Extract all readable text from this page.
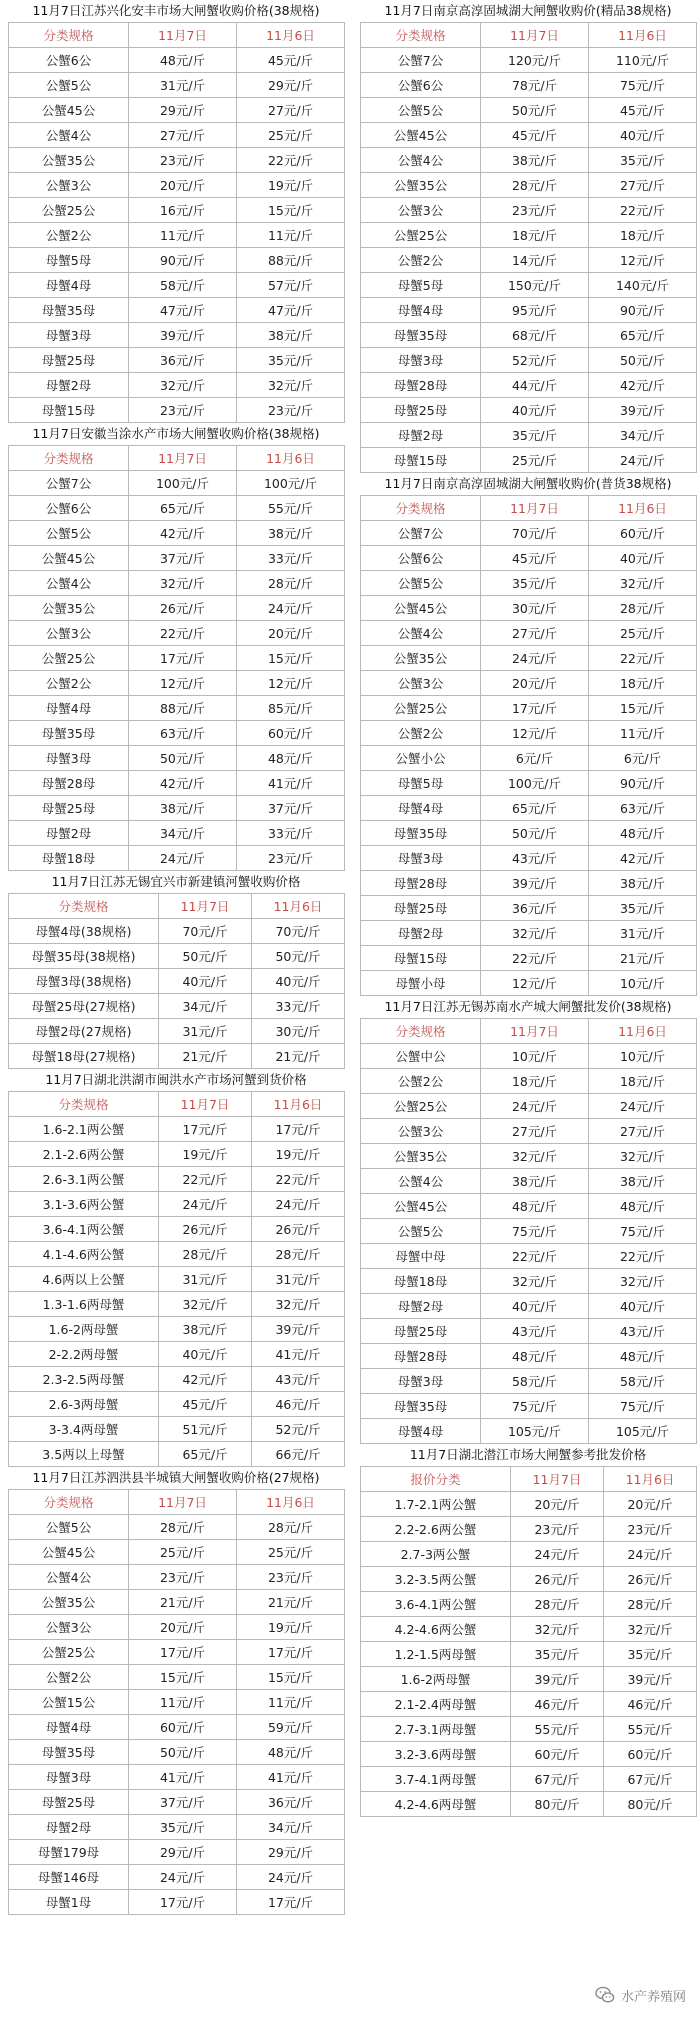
11月7日江苏兴化安丰市场大闸蟹收购价格(38规格)
分类规格	11月7日	11月6日
公蟹6公	48元/斤	45元/斤
公蟹5公	31元/斤	29元/斤
公蟹45公	29元/斤	27元/斤
公蟹4公	27元/斤	25元/斤
公蟹35公	23元/斤	22元/斤
公蟹3公	20元/斤	19元/斤
公蟹25公	16元/斤	15元/斤
公蟹2公	11元/斤	11元/斤
母蟹5母	90元/斤	88元/斤
母蟹4母	58元/斤	57元/斤
母蟹35母	47元/斤	47元/斤
母蟹3母	39元/斤	38元/斤
母蟹25母	36元/斤	35元/斤
母蟹2母	32元/斤	32元/斤
母蟹15母	23元/斤	23元/斤
11月7日安徽当涂水产市场大闸蟹收购价格(38规格)
分类规格	11月7日	11月6日
公蟹7公	100元/斤	100元/斤
公蟹6公	65元/斤	55元/斤
公蟹5公	42元/斤	38元/斤
公蟹45公	37元/斤	33元/斤
公蟹4公	32元/斤	28元/斤
公蟹35公	26元/斤	24元/斤
公蟹3公	22元/斤	20元/斤
公蟹25公	17元/斤	15元/斤
公蟹2公	12元/斤	12元/斤
母蟹4母	88元/斤	85元/斤
母蟹35母	63元/斤	60元/斤
母蟹3母	50元/斤	48元/斤
母蟹28母	42元/斤	41元/斤
母蟹25母	38元/斤	37元/斤
母蟹2母	34元/斤	33元/斤
母蟹18母	24元/斤	23元/斤
11月7日江苏无锡宜兴市新建镇河蟹收购价格
分类规格	11月7日	11月6日
母蟹4母(38规格)	70元/斤	70元/斤
母蟹35母(38规格)	50元/斤	50元/斤
母蟹3母(38规格)	40元/斤	40元/斤
母蟹25母(27规格)	34元/斤	33元/斤
母蟹2母(27规格)	31元/斤	30元/斤
母蟹18母(27规格)	21元/斤	21元/斤
11月7日湖北洪湖市闽洪水产市场河蟹到货价格
分类规格	11月7日	11月6日
1.6-2.1两公蟹	17元/斤	17元/斤
2.1-2.6两公蟹	19元/斤	19元/斤
2.6-3.1两公蟹	22元/斤	22元/斤
3.1-3.6两公蟹	24元/斤	24元/斤
3.6-4.1两公蟹	26元/斤	26元/斤
4.1-4.6两公蟹	28元/斤	28元/斤
4.6两以上公蟹	31元/斤	31元/斤
1.3-1.6两母蟹	32元/斤	32元/斤
1.6-2两母蟹	38元/斤	39元/斤
2-2.2两母蟹	40元/斤	41元/斤
2.3-2.5两母蟹	42元/斤	43元/斤
2.6-3两母蟹	45元/斤	46元/斤
3-3.4两母蟹	51元/斤	52元/斤
3.5两以上母蟹	65元/斤	66元/斤
11月7日江苏泗洪县半城镇大闸蟹收购价格(27规格)
分类规格	11月7日	11月6日
公蟹5公	28元/斤	28元/斤
公蟹45公	25元/斤	25元/斤
公蟹4公	23元/斤	23元/斤
公蟹35公	21元/斤	21元/斤
公蟹3公	20元/斤	19元/斤
公蟹25公	17元/斤	17元/斤
公蟹2公	15元/斤	15元/斤
公蟹15公	11元/斤	11元/斤
母蟹4母	60元/斤	59元/斤
母蟹35母	50元/斤	48元/斤
母蟹3母	41元/斤	41元/斤
母蟹25母	37元/斤	36元/斤
母蟹2母	35元/斤	34元/斤
母蟹179母	29元/斤	29元/斤
母蟹146母	24元/斤	24元/斤
母蟹1母	17元/斤	17元/斤
11月7日南京高淳固城湖大闸蟹收购价(精品38规格)
分类规格	11月7日	11月6日
公蟹7公	120元/斤	110元/斤
公蟹6公	78元/斤	75元/斤
公蟹5公	50元/斤	45元/斤
公蟹45公	45元/斤	40元/斤
公蟹4公	38元/斤	35元/斤
公蟹35公	28元/斤	27元/斤
公蟹3公	23元/斤	22元/斤
公蟹25公	18元/斤	18元/斤
公蟹2公	14元/斤	12元/斤
母蟹5母	150元/斤	140元/斤
母蟹4母	95元/斤	90元/斤
母蟹35母	68元/斤	65元/斤
母蟹3母	52元/斤	50元/斤
母蟹28母	44元/斤	42元/斤
母蟹25母	40元/斤	39元/斤
母蟹2母	35元/斤	34元/斤
母蟹15母	25元/斤	24元/斤
11月7日南京高淳固城湖大闸蟹收购价(普货38规格)
分类规格	11月7日	11月6日
公蟹7公	70元/斤	60元/斤
公蟹6公	45元/斤	40元/斤
公蟹5公	35元/斤	32元/斤
公蟹45公	30元/斤	28元/斤
公蟹4公	27元/斤	25元/斤
公蟹35公	24元/斤	22元/斤
公蟹3公	20元/斤	18元/斤
公蟹25公	17元/斤	15元/斤
公蟹2公	12元/斤	11元/斤
公蟹小公	6元/斤	6元/斤
母蟹5母	100元/斤	90元/斤
母蟹4母	65元/斤	63元/斤
母蟹35母	50元/斤	48元/斤
母蟹3母	43元/斤	42元/斤
母蟹28母	39元/斤	38元/斤
母蟹25母	36元/斤	35元/斤
母蟹2母	32元/斤	31元/斤
母蟹15母	22元/斤	21元/斤
母蟹小母	12元/斤	10元/斤
11月7日江苏无锡苏南水产城大闸蟹批发价(38规格)
分类规格	11月7日	11月6日
公蟹中公	10元/斤	10元/斤
公蟹2公	18元/斤	18元/斤
公蟹25公	24元/斤	24元/斤
公蟹3公	27元/斤	27元/斤
公蟹35公	32元/斤	32元/斤
公蟹4公	38元/斤	38元/斤
公蟹45公	48元/斤	48元/斤
公蟹5公	75元/斤	75元/斤
母蟹中母	22元/斤	22元/斤
母蟹18母	32元/斤	32元/斤
母蟹2母	40元/斤	40元/斤
母蟹25母	43元/斤	43元/斤
母蟹28母	48元/斤	48元/斤
母蟹3母	58元/斤	58元/斤
母蟹35母	75元/斤	75元/斤
母蟹4母	105元/斤	105元/斤
11月7日湖北潜江市场大闸蟹参考批发价格
报价分类	11月7日	11月6日
1.7-2.1两公蟹	20元/斤	20元/斤
2.2-2.6两公蟹	23元/斤	23元/斤
2.7-3两公蟹	24元/斤	24元/斤
3.2-3.5两公蟹	26元/斤	26元/斤
3.6-4.1两公蟹	28元/斤	28元/斤
4.2-4.6两公蟹	32元/斤	32元/斤
1.2-1.5两母蟹	35元/斤	35元/斤
1.6-2两母蟹	39元/斤	39元/斤
2.1-2.4两母蟹	46元/斤	46元/斤
2.7-3.1两母蟹	55元/斤	55元/斤
3.2-3.6两母蟹	60元/斤	60元/斤
3.7-4.1两母蟹	67元/斤	67元/斤
4.2-4.6两母蟹	80元/斤	80元/斤
水产养殖网
